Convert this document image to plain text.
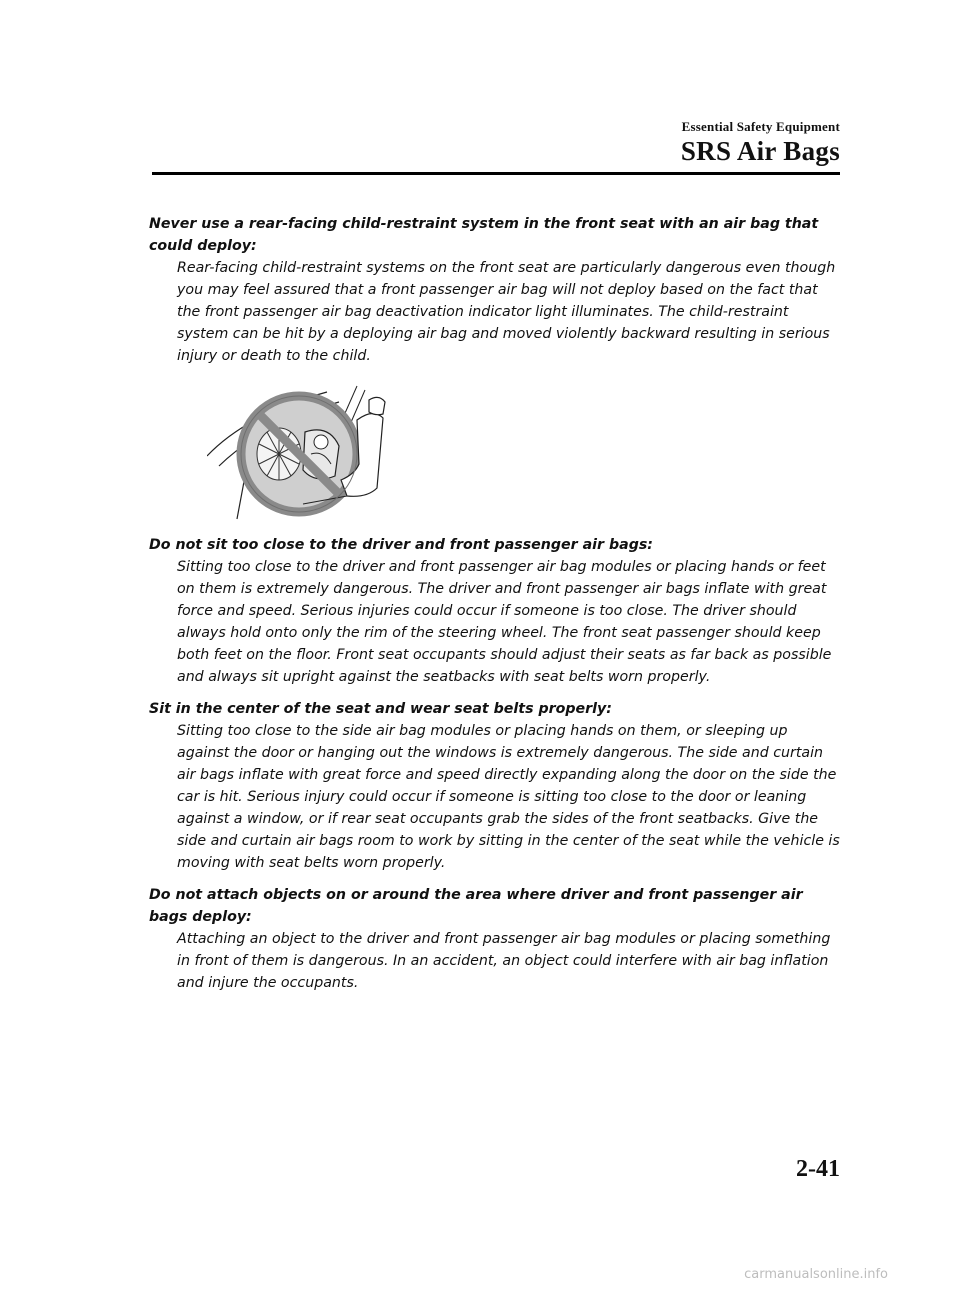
Essential Safety Equipment
SRS Air Bags

Never use a rear-facing child-restraint system in the front seat with an air bag that could deploy:

Rear-facing child-restraint systems on the front seat are particularly dangerous even though you may feel assured that a front passenger air bag will not deploy based on the fact that the front passenger air bag deactivation indicator light illuminates. The child-restraint system can be hit by a deploying air bag and moved violently backward resulting in serious injury or death to the child.

Do not sit too close to the driver and front passenger air bags:

Sitting too close to the driver and front passenger air bag modules or placing hands or feet on them is extremely dangerous. The driver and front passenger air bags inflate with great force and speed. Serious injuries could occur if someone is too close. The driver should always hold onto only the rim of the steering wheel. The front seat passenger should keep both feet on the floor. Front seat occupants should adjust their seats as far back as possible and always sit upright against the seatbacks with seat belts worn properly.

Sit in the center of the seat and wear seat belts properly:

Sitting too close to the side air bag modules or placing hands on them, or sleeping up against the door or hanging out the windows is extremely dangerous. The side and curtain air bags inflate with great force and speed directly expanding along the door on the side the car is hit. Serious injury could occur if someone is sitting too close to the door or leaning against a window, or if rear seat occupants grab the sides of the front seatbacks. Give the side and curtain air bags room to work by sitting in the center of the seat while the vehicle is moving with seat belts worn properly.

Do not attach objects on or around the area where driver and front passenger air bags deploy:

Attaching an object to the driver and front passenger air bag modules or placing something in front of them is dangerous. In an accident, an object could interfere with air bag inflation and injure the occupants.

2-41
carmanualsonline.info
